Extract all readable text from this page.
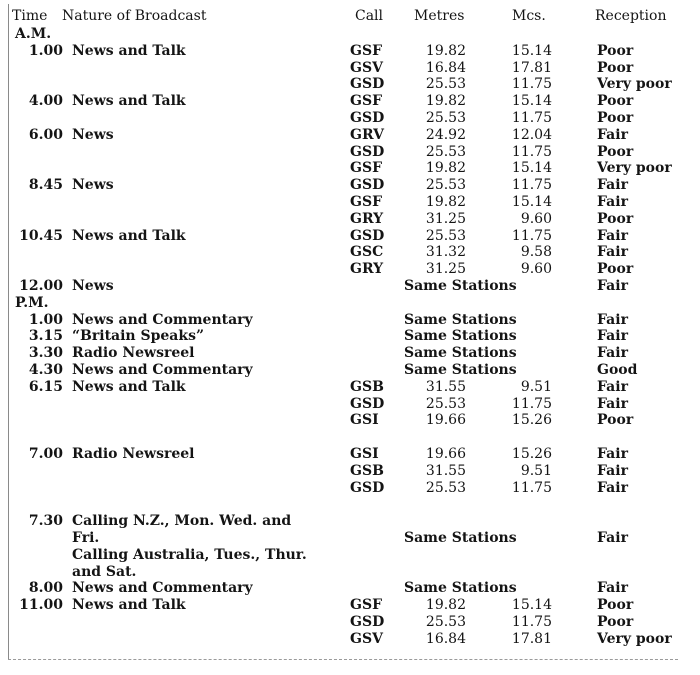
Time Nature of Broadcast	Call Metres	Mcs.	Reception
A.M.
1.00 News and Talk	GSF	19.82	15.14	Poor
GSV	16.84	17.81	Poor
GSD	25.53	11.75	Very poor
4.00 News and Talk	GSF	19.82	15.14	Poor
GSD	25.53	11.75	Poor
6.00 News	GRV	24.92	12.04	Fair
GSD	25.53	11.75	Poor
GSF	19.82	15.14	Very poor
8.45 News	GSD	25.53	11.75	Fair
GSF	19.82	15.14	Fair
GRY	31.25	9.60	Poor
10.45 News and Talk	GSD	25.53	11.75	Fair
GSC	31.32	9.58	Fair
GRY	31.25	9.60	Poor
12.00 News	Same Stations	Fair
P.M.
1.00 News and Commentary	Same Stations	Fair
3.15 “Britain Speaks”	Same Stations	Fair
3.30 Radio Newsreel	Same Stations	Fair
4.30 News and Commentary	Same Stations	Good
6.15 News and Talk	GSB	31.55	9.51	Fair
GSD	25.53	11.75	Fair
GSI	19.66	15.26	Poor
7.00 Radio Newsreel	GSI	19.66	15.26	Fair
GSB	31.55	9.51	Fair
GSD	25.53	11.75	Fair
7.30 Calling N.Z., Mon. Wed. and
Fri.	Same Stations	Fair
Calling Australia, Tues., Thur.
and Sat.
8.00 News and Commentary	Same Stations	Fair
11.00 News and Talk	GSF	19.82	15.14	Poor
GSD	25.53	11.75	Poor
GSV	16.84	17.81	Very poor
